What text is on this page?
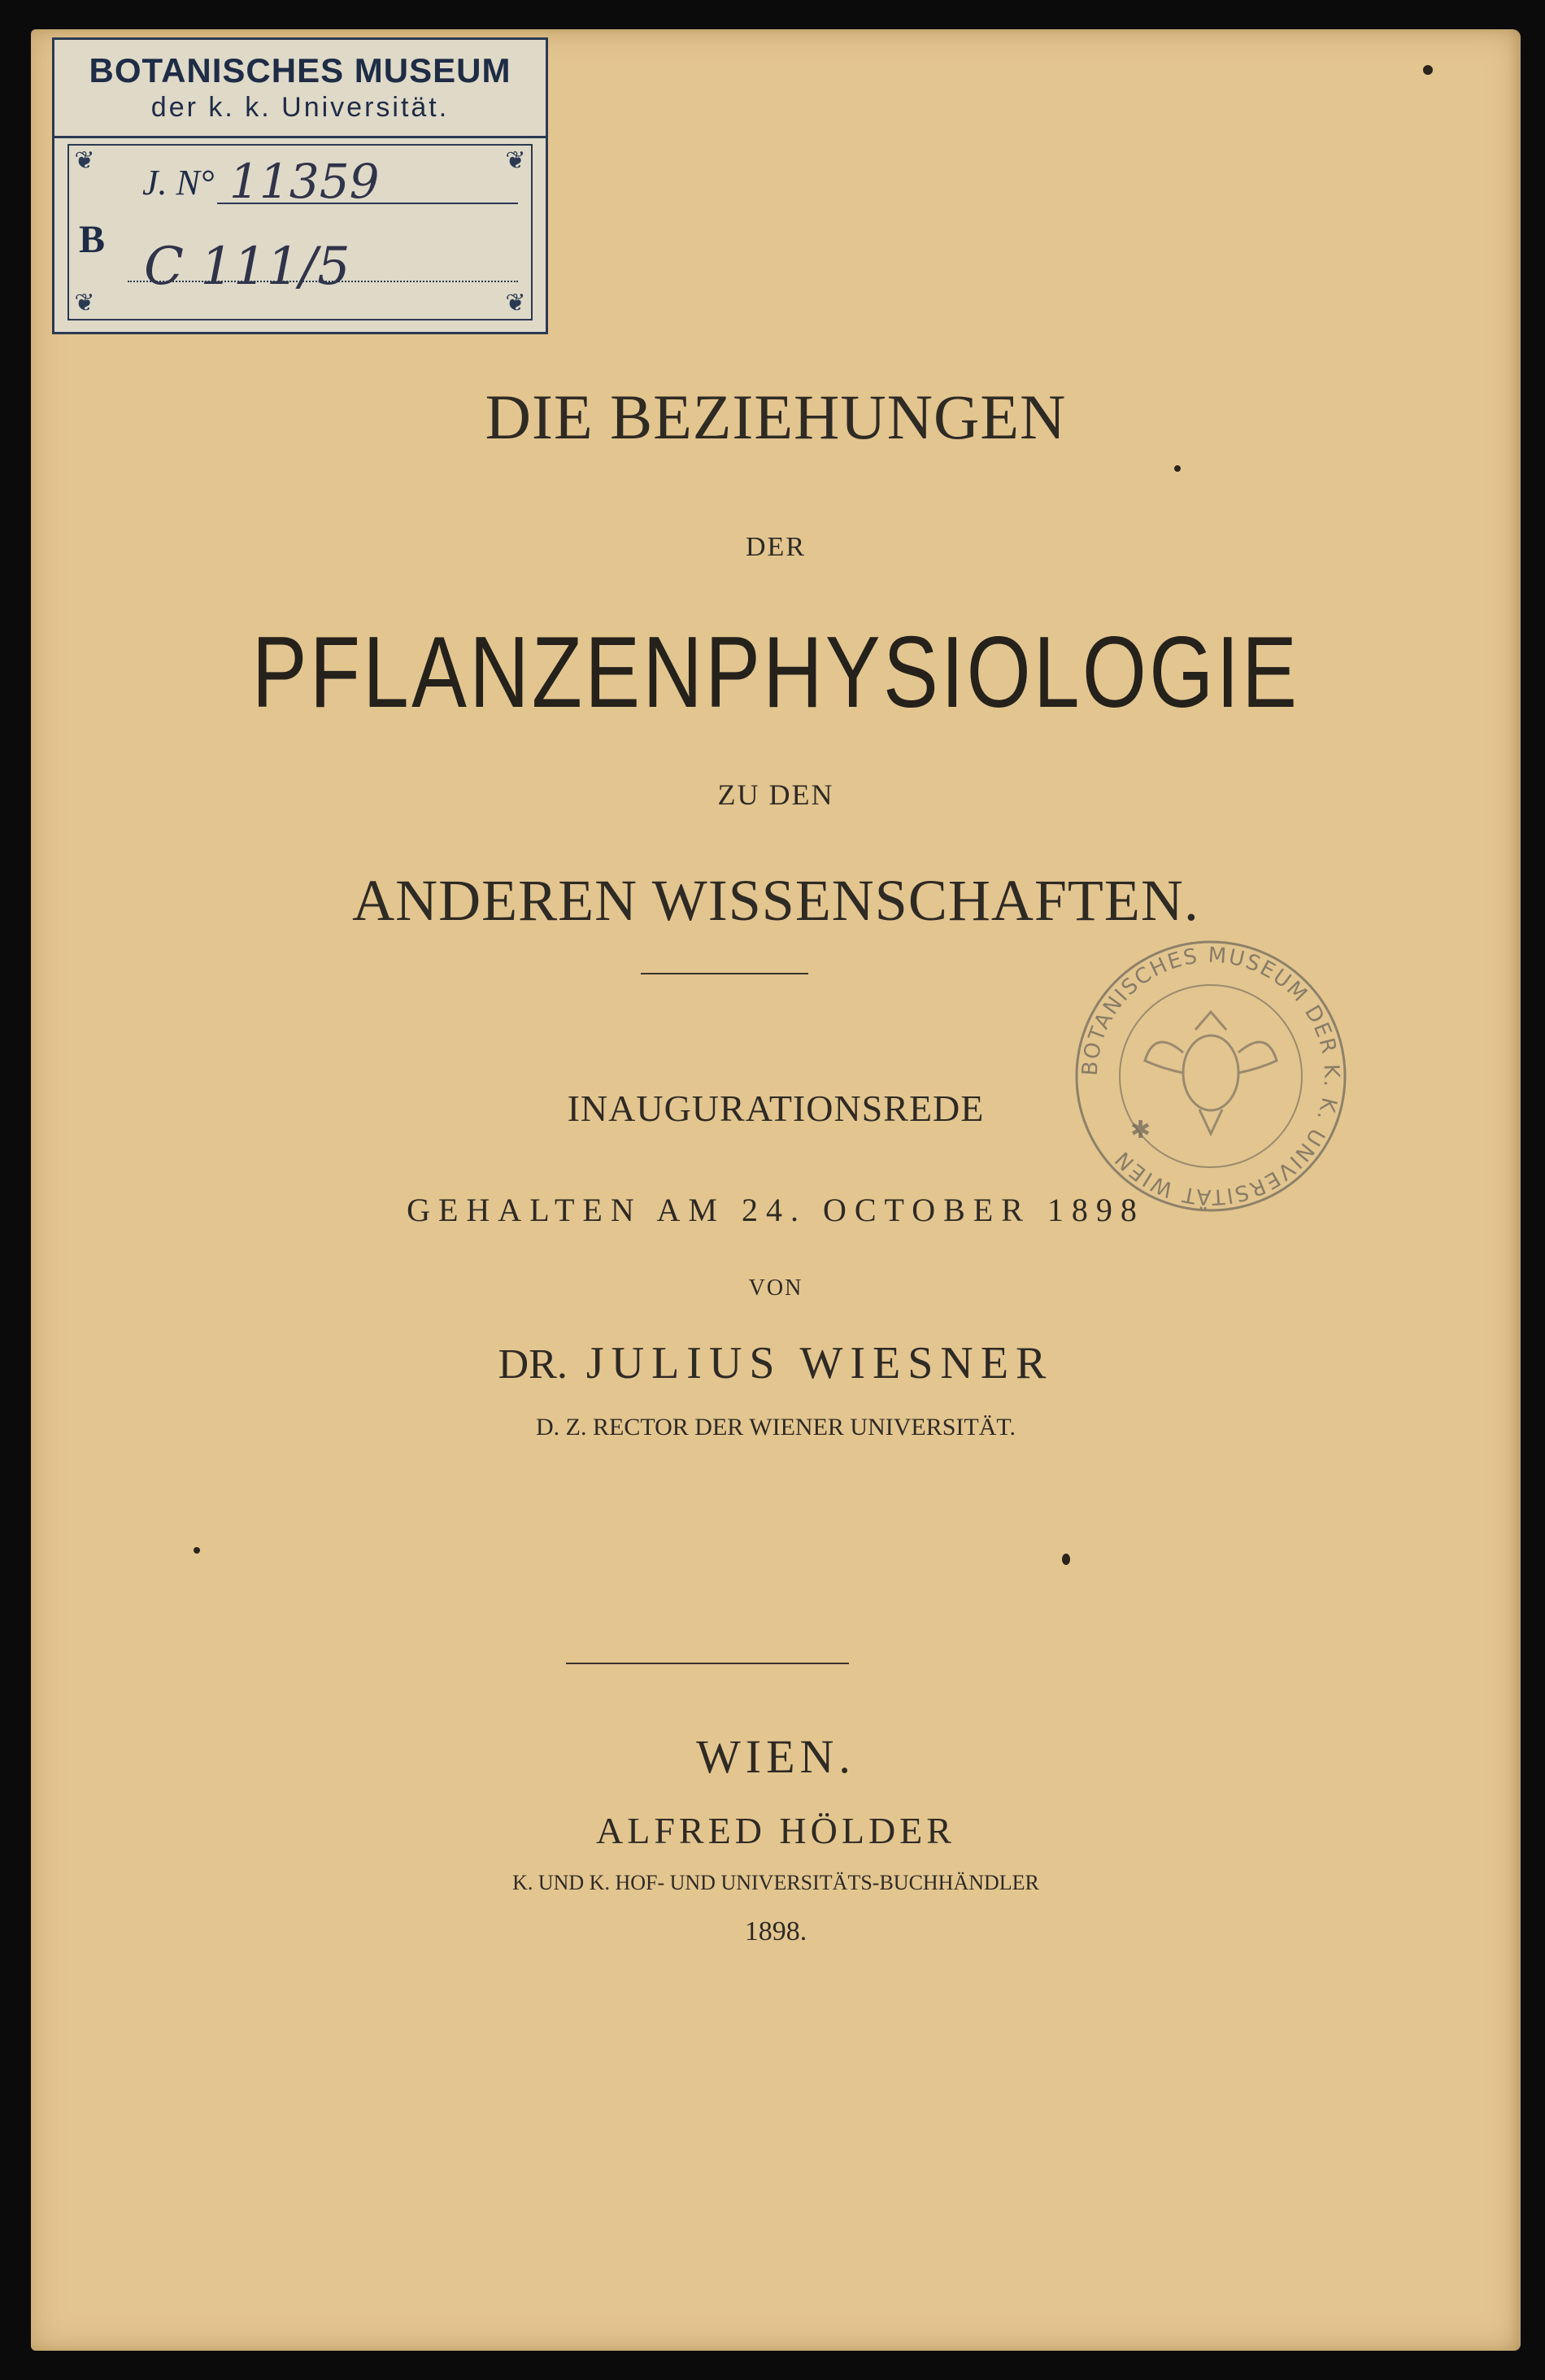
BOTANISCHES MUSEUM
der k. k. Universität.
❦	❦
❦	❦
B
J. N° 11359
C 111/5
DIE BEZIEHUNGEN
DER
PFLANZENPHYSIOLOGIE
ZU DEN
ANDEREN WISSENSCHAFTEN.
INAUGURATIONSREDE
GEHALTEN AM 24. OCTOBER 1898
VON
DR. JULIUS WIESNER
D. Z. RECTOR DER WIENER UNIVERSITÄT.
WIEN.
ALFRED HÖLDER
K. UND K. HOF- UND UNIVERSITÄTS-BUCHHÄNDLER
1898.
BOTANISCHES MUSEUM DER K. K. UNIVERSITÄT WIEN
✱
